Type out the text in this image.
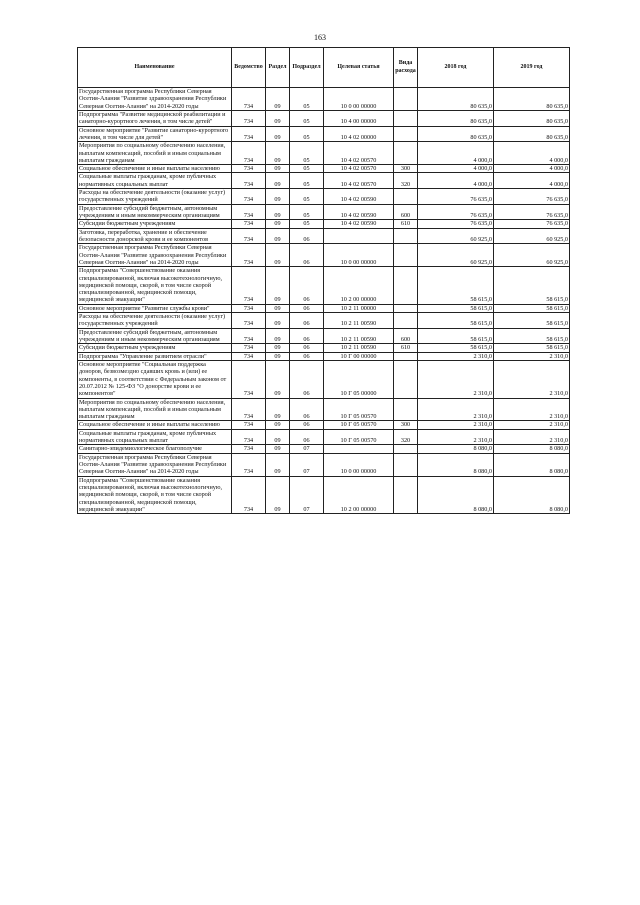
163
Наименование	Ведомство	Раздел	Подраздел	Целевая статья	Вида расхода	2018 год	2019 год
Государственная программа Республики Северная Осетия-Алания "Развитие здравоохранения Республики Северная Осетия-Алания" на 2014-2020 годы	734	09	05	10 0 00 00000		80 635,0	80 635,0
Подпрограмма "Развитие медицинской реабилитации и санаторно-курортного лечения, в том числе детей"	734	09	05	10 4 00 00000		80 635,0	80 635,0
Основное мероприятие "Развитие санаторно-курортного лечения, в том числе для детей"	734	09	05	10 4 02 00000		80 635,0	80 635,0
Мероприятия по социальному обеспечению населения, выплатам компенсаций, пособий и иным социальным выплатам гражданам	734	09	05	10 4 02 00570		4 000,0	4 000,0
Социальное обеспечение и иные выплаты населению	734	09	05	10 4 02 00570	300	4 000,0	4 000,0
Социальные выплаты гражданам, кроме публичных нормативных социальных выплат	734	09	05	10 4 02 00570	320	4 000,0	4 000,0
Расходы на обеспечение деятельности (оказание услуг) государственных учреждений	734	09	05	10 4 02 00590		76 635,0	76 635,0
Предоставление субсидий бюджетным, автономным учреждениям и иным некоммерческим организациям	734	09	05	10 4 02 00590	600	76 635,0	76 635,0
Субсидии бюджетным учреждениям	734	09	05	10 4 02 00590	610	76 635,0	76 635,0
Заготовка, переработка, хранение и обеспечение безопасности донорской крови и ее компонентов	734	09	06			60 925,0	60 925,0
Государственная программа Республики Северная Осетия-Алания "Развитие здравоохранения Республики Северная Осетия-Алания" на 2014-2020 годы	734	09	06	10 0 00 00000		60 925,0	60 925,0
Подпрограмма "Совершенствование оказания специализированной, включая высокотехнологичную, медицинской помощи, скорой, в том числе скорой специализированной, медицинской помощи, медицинской эвакуации"	734	09	06	10 2 00 00000		58 615,0	58 615,0
Основное мероприятие "Развитие службы крови"	734	09	06	10 2 11 00000		58 615,0	58 615,0
Расходы на обеспечение деятельности (оказание услуг) государственных учреждений	734	09	06	10 2 11 00590		58 615,0	58 615,0
Предоставление субсидий бюджетным, автономным учреждениям и иным некоммерческим организациям	734	09	06	10 2 11 00590	600	58 615,0	58 615,0
Субсидии бюджетным учреждениям	734	09	06	10 2 11 00590	610	58 615,0	58 615,0
Подпрограмма "Управление развитием отрасли"	734	09	06	10 Г 00 00000		2 310,0	2 310,0
Основное мероприятие "Социальная поддержка доноров, безвозмездно сдавших кровь и (или) ее компоненты, в соответствии с Федеральным законом от 20.07.2012 № 125-ФЗ "О донорстве крови и ее компонентов"	734	09	06	10 Г 05 00000		2 310,0	2 310,0
Мероприятия по социальному обеспечению населения, выплатам компенсаций, пособий и иным социальным выплатам гражданам	734	09	06	10 Г 05 00570		2 310,0	2 310,0
Социальное обеспечение и иные выплаты населению	734	09	06	10 Г 05 00570	300	2 310,0	2 310,0
Социальные выплаты гражданам, кроме публичных нормативных социальных выплат	734	09	06	10 Г 05 00570	320	2 310,0	2 310,0
Санитарно-эпидемиологическое благополучие	734	09	07			8 080,0	8 080,0
Государственная программа Республики Северная Осетия-Алания "Развитие здравоохранения Республики Северная Осетия-Алания" на 2014-2020 годы	734	09	07	10 0 00 00000		8 080,0	8 080,0
Подпрограмма "Совершенствование оказания специализированной, включая высокотехнологичную, медицинской помощи, скорой, в том числе скорой специализированной, медицинской помощи, медицинской эвакуации"	734	09	07	10 2 00 00000		8 080,0	8 080,0
